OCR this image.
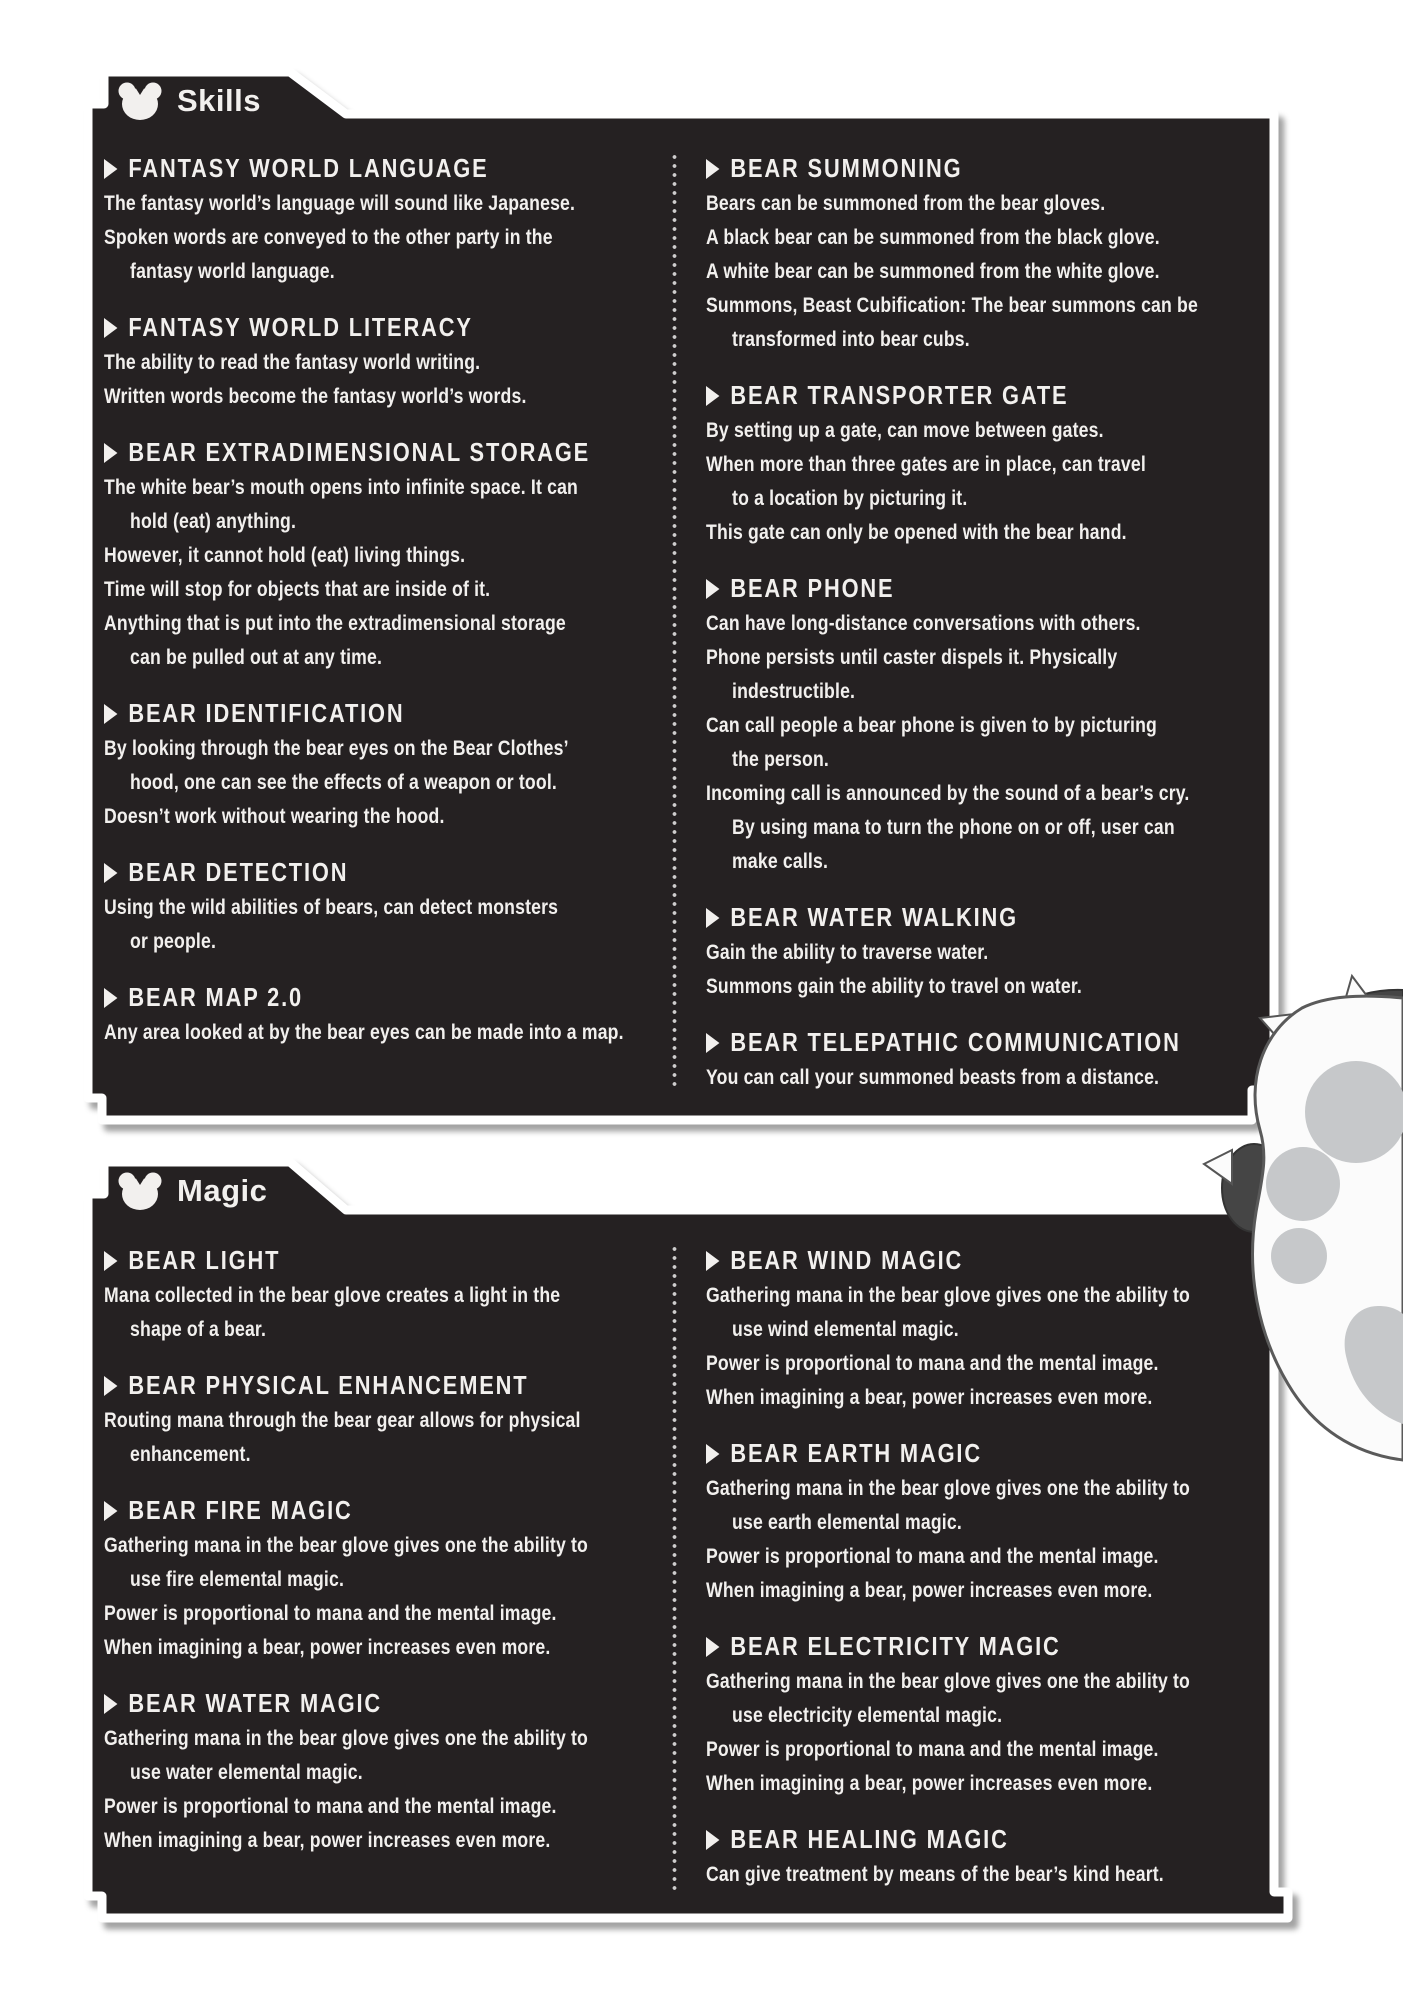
Skills
Magic
FANTASY WORLD LANGUAGE
The fantasy world’s language will sound like Japanese.
Spoken words are conveyed to the other party in the
fantasy world language.
FANTASY WORLD LITERACY
The ability to read the fantasy world writing.
Written words become the fantasy world’s words.
BEAR EXTRADIMENSIONAL STORAGE
The white bear’s mouth opens into infinite space. It can
hold (eat) anything.
However, it cannot hold (eat) living things.
Time will stop for objects that are inside of it.
Anything that is put into the extradimensional storage
can be pulled out at any time.
BEAR IDENTIFICATION
By looking through the bear eyes on the Bear Clothes’
hood, one can see the effects of a weapon or tool.
Doesn’t work without wearing the hood.
BEAR DETECTION
Using the wild abilities of bears, can detect monsters
or people.
BEAR MAP 2.0
Any area looked at by the bear eyes can be made into a map.
BEAR SUMMONING
Bears can be summoned from the bear gloves.
A black bear can be summoned from the black glove.
A white bear can be summoned from the white glove.
Summons, Beast Cubification: The bear summons can be
transformed into bear cubs.
BEAR TRANSPORTER GATE
By setting up a gate, can move between gates.
When more than three gates are in place, can travel
to a location by picturing it.
This gate can only be opened with the bear hand.
BEAR PHONE
Can have long-distance conversations with others.
Phone persists until caster dispels it. Physically
indestructible.
Can call people a bear phone is given to by picturing
the person.
Incoming call is announced by the sound of a bear’s cry.
By using mana to turn the phone on or off, user can
make calls.
BEAR WATER WALKING
Gain the ability to traverse water.
Summons gain the ability to travel on water.
BEAR TELEPATHIC COMMUNICATION
You can call your summoned beasts from a distance.
BEAR LIGHT
Mana collected in the bear glove creates a light in the
shape of a bear.
BEAR PHYSICAL ENHANCEMENT
Routing mana through the bear gear allows for physical
enhancement.
BEAR FIRE MAGIC
Gathering mana in the bear glove gives one the ability to
use fire elemental magic.
Power is proportional to mana and the mental image.
When imagining a bear, power increases even more.
BEAR WATER MAGIC
Gathering mana in the bear glove gives one the ability to
use water elemental magic.
Power is proportional to mana and the mental image.
When imagining a bear, power increases even more.
BEAR WIND MAGIC
Gathering mana in the bear glove gives one the ability to
use wind elemental magic.
Power is proportional to mana and the mental image.
When imagining a bear, power increases even more.
BEAR EARTH MAGIC
Gathering mana in the bear glove gives one the ability to
use earth elemental magic.
Power is proportional to mana and the mental image.
When imagining a bear, power increases even more.
BEAR ELECTRICITY MAGIC
Gathering mana in the bear glove gives one the ability to
use electricity elemental magic.
Power is proportional to mana and the mental image.
When imagining a bear, power increases even more.
BEAR HEALING MAGIC
Can give treatment by means of the bear’s kind heart.
